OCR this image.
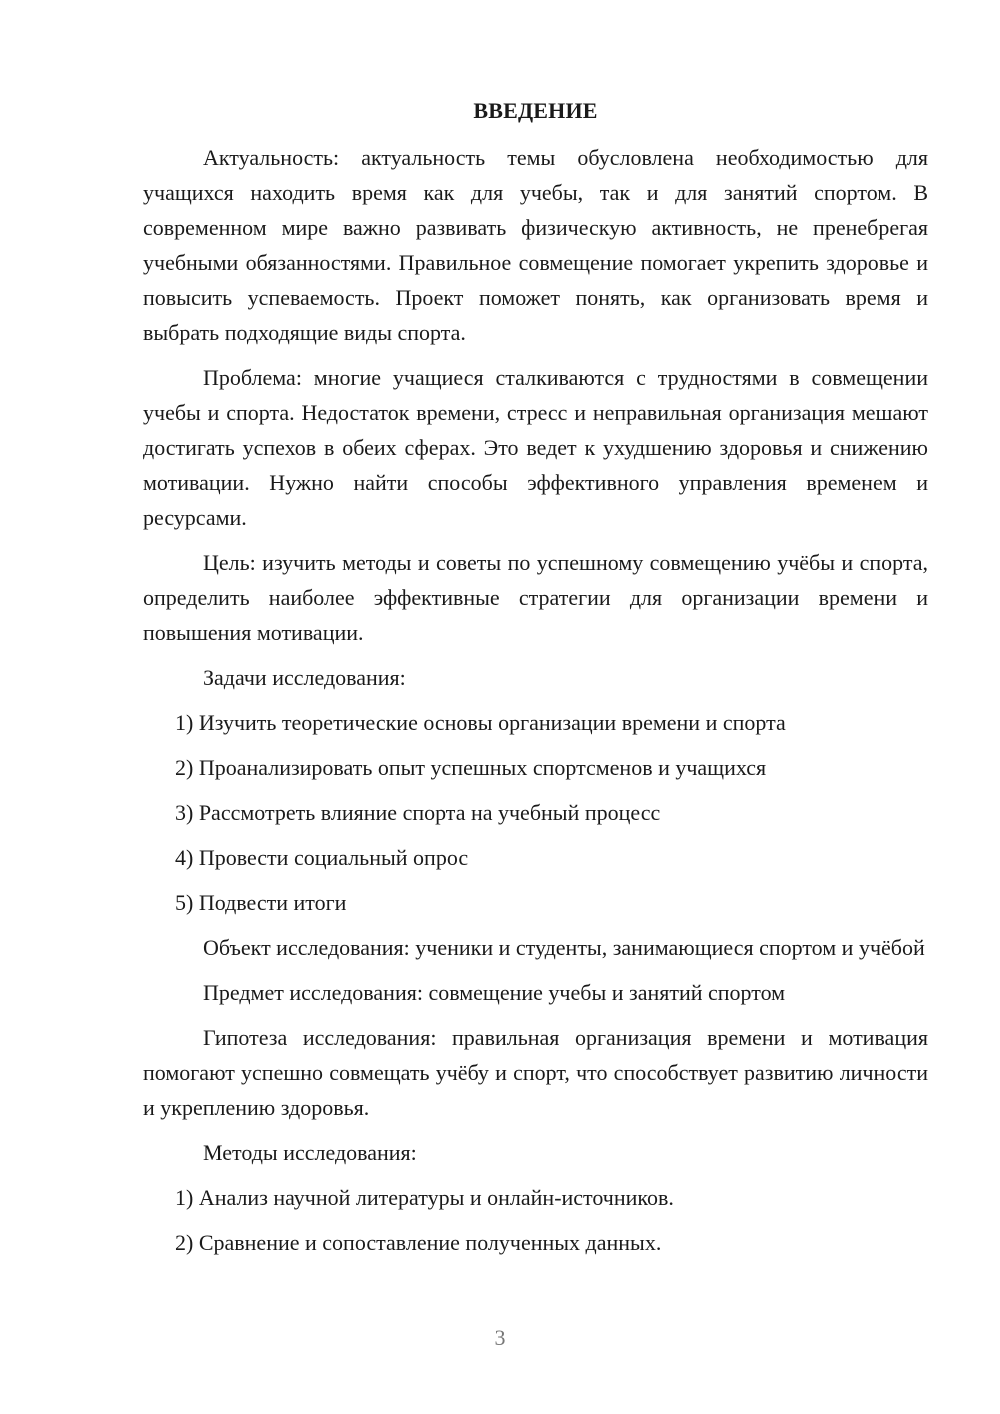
ВВЕДЕНИЕ

Актуальность: актуальность темы обусловлена необходимостью для учащихся находить время как для учебы, так и для занятий спортом. В современном мире важно развивать физическую активность, не пренебрегая учебными обязанностями. Правильное совмещение помогает укрепить здоровье и повысить успеваемость. Проект поможет понять, как организовать время и выбрать подходящие виды спорта.

Проблема: многие учащиеся сталкиваются с трудностями в совмещении учебы и спорта. Недостаток времени, стресс и неправильная организация мешают достигать успехов в обеих сферах. Это ведет к ухудшению здоровья и снижению мотивации. Нужно найти способы эффективного управления временем и ресурсами.

Цель: изучить методы и советы по успешному совмещению учёбы и спорта, определить наиболее эффективные стратегии для организации времени и повышения мотивации.

Задачи исследования:
1) Изучить теоретические основы организации времени и спорта
2) Проанализировать опыт успешных спортсменов и учащихся
3) Рассмотреть влияние спорта на учебный процесс
4) Провести социальный опрос
5) Подвести итоги

Объект исследования: ученики и студенты, занимающиеся спортом и учёбой

Предмет исследования: совмещение учебы и занятий спортом

Гипотеза исследования: правильная организация времени и мотивация помогают успешно совмещать учёбу и спорт, что способствует развитию личности и укреплению здоровья.

Методы исследования:
1) Анализ научной литературы и онлайн-источников.
2) Сравнение и сопоставление полученных данных.
3
